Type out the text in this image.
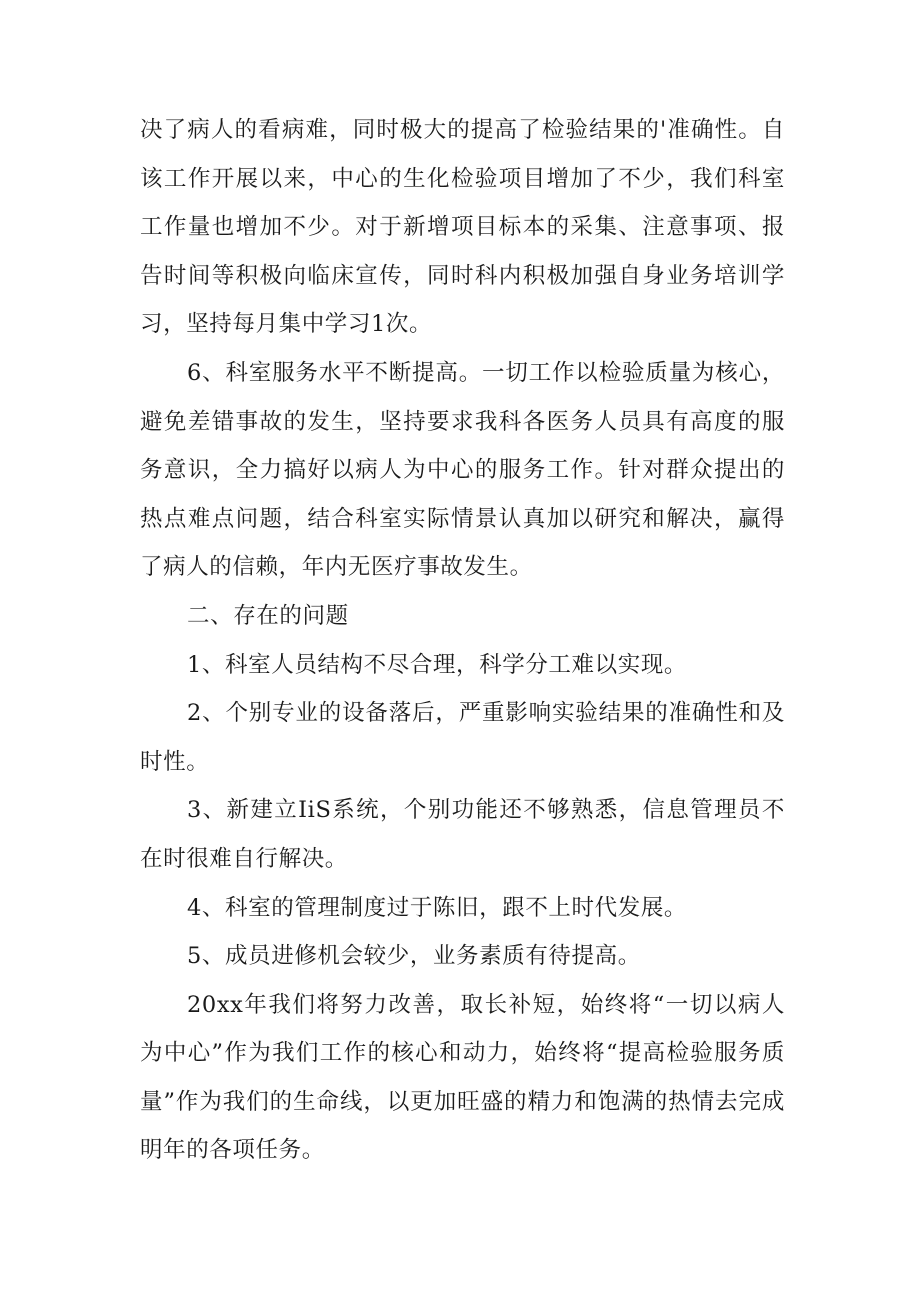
决了病人的看病难，同时极大的提高了检验结果的'准确性。自该工作开展以来，中心的生化检验项目增加了不少，我们科室工作量也增加不少。对于新增项目标本的采集、注意事项、报告时间等积极向临床宣传，同时科内积极加强自身业务培训学习，坚持每月集中学习1次。

6、科室服务水平不断提高。一切工作以检验质量为核心，避免差错事故的发生，坚持要求我科各医务人员具有高度的服务意识，全力搞好以病人为中心的服务工作。针对群众提出的热点难点问题，结合科室实际情景认真加以研究和解决，赢得了病人的信赖，年内无医疗事故发生。

二、存在的问题

1、科室人员结构不尽合理，科学分工难以实现。

2、个别专业的设备落后，严重影响实验结果的准确性和及时性。

3、新建立IiS系统，个别功能还不够熟悉，信息管理员不在时很难自行解决。

4、科室的管理制度过于陈旧，跟不上时代发展。

5、成员进修机会较少，业务素质有待提高。

20xx年我们将努力改善，取长补短，始终将“一切以病人为中心”作为我们工作的核心和动力，始终将“提高检验服务质量”作为我们的生命线，以更加旺盛的精力和饱满的热情去完成明年的各项任务。
